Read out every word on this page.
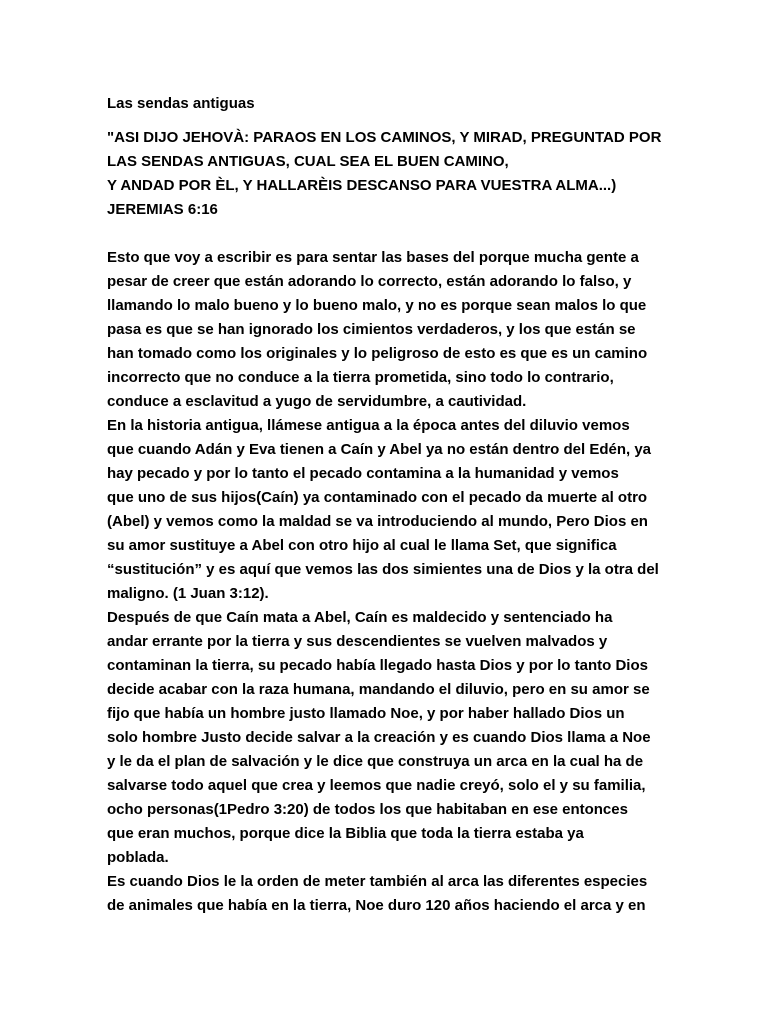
Las sendas antiguas

"ASI DIJO JEHOVÀ: PARAOS EN LOS CAMINOS, Y MIRAD, PREGUNTAD POR

LAS SENDAS ANTIGUAS, CUAL SEA EL BUEN CAMINO,

Y ANDAD POR ÈL, Y HALLARÈIS DESCANSO PARA VUESTRA ALMA...)

JEREMIAS 6:16

Esto que voy a escribir es para sentar las bases del porque mucha gente a

pesar de creer que están adorando lo correcto, están adorando lo falso, y

llamando lo malo bueno y lo bueno malo, y no es porque sean malos lo que

pasa es que se han ignorado los cimientos verdaderos, y los que están se

han tomado como los originales y lo peligroso de esto es que es un camino

incorrecto que no conduce a la tierra prometida, sino todo lo contrario,

conduce a esclavitud a yugo de servidumbre, a cautividad.

En la historia antigua, llámese antigua a la época antes del diluvio vemos

que cuando Adán y Eva tienen a Caín y Abel ya no están dentro del Edén, ya

hay pecado y por lo tanto el pecado contamina a la humanidad y vemos

que uno de sus hijos(Caín) ya contaminado con el pecado da muerte al otro

(Abel) y vemos como la maldad se va introduciendo al mundo, Pero Dios en

su amor sustituye a Abel con otro hijo al cual le llama Set, que significa

“sustitución” y es aquí que vemos las dos simientes una de Dios y la otra del

maligno. (1 Juan 3:12).

Después de que Caín mata a Abel, Caín es maldecido y sentenciado ha

andar errante por la tierra y sus descendientes se vuelven malvados y

contaminan la tierra, su pecado había llegado hasta Dios y por lo tanto Dios

decide acabar con la raza humana, mandando el diluvio, pero en su amor se

fijo que había un hombre justo llamado Noe, y por haber hallado Dios un

solo hombre Justo decide salvar a la creación y es cuando Dios llama a Noe

y le da el plan de salvación y le dice que construya un arca en la cual ha de

salvarse todo aquel que crea y leemos que nadie creyó, solo el y su familia,

ocho personas(1Pedro 3:20) de todos los que habitaban en ese entonces

que eran muchos, porque dice la Biblia que toda la tierra estaba ya

poblada.

Es cuando Dios le la orden de meter también al arca las diferentes especies

de animales que había en la tierra, Noe duro 120 años haciendo el arca y en
